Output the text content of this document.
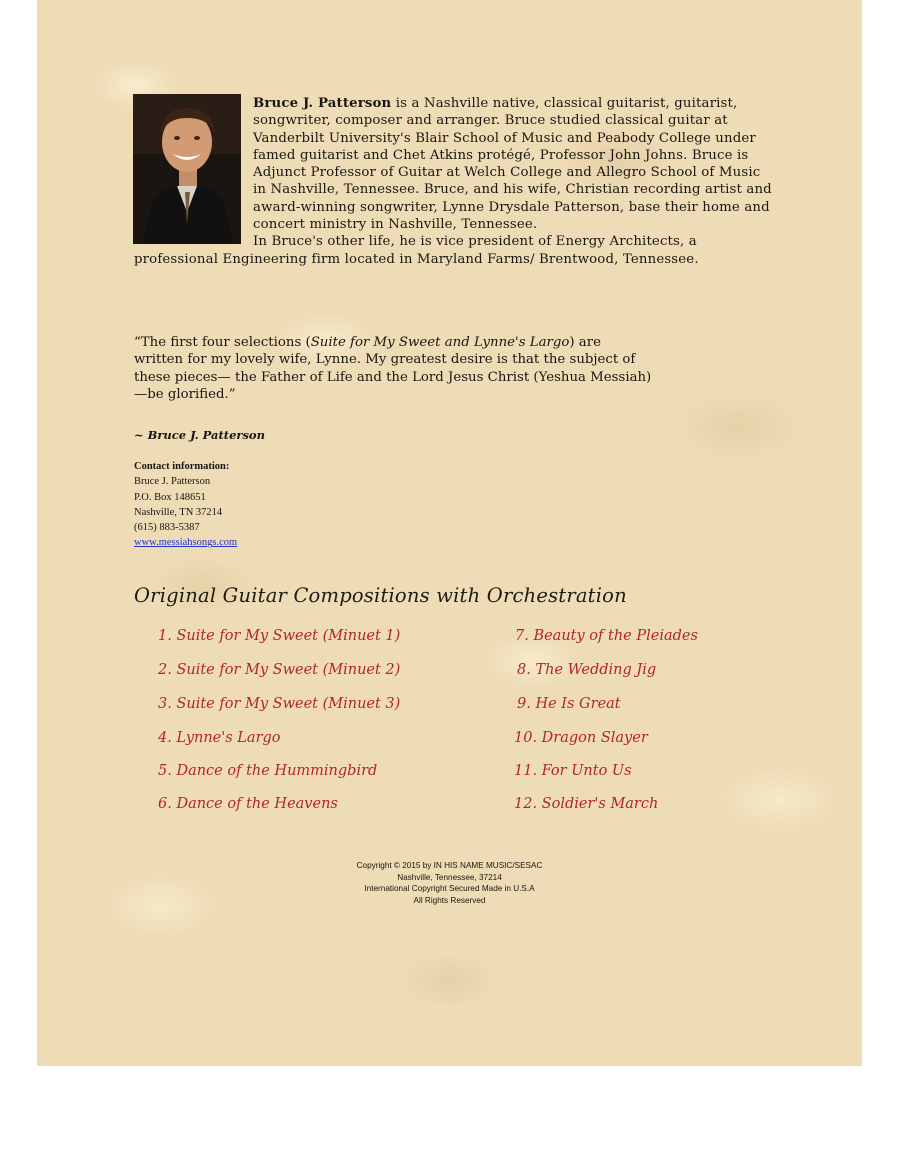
Bruce J. Patterson is a Nashville native, classical guitarist, guitarist, songwriter, composer and arranger. Bruce studied classical guitar at Vanderbilt University's Blair School of Music and Peabody College under famed guitarist and Chet Atkins protégé, Professor John Johns. Bruce is Adjunct Professor of Guitar at Welch College and Allegro School of Music in Nashville, Tennessee. Bruce, and his wife, Christian recording artist and award-winning songwriter, Lynne Drysdale Patterson, base their home and concert ministry in Nashville, Tennessee.
In Bruce's other life, he is vice president of Energy Architects, a professional Engineering firm located in Maryland Farms/ Brentwood, Tennessee.
“The first four selections (Suite for My Sweet and Lynne's Largo) are written for my lovely wife, Lynne. My greatest desire is that the subject of these pieces— the Father of Life and the Lord Jesus Christ (Yeshua Messiah)—be glorified.”
~ Bruce J. Patterson
Contact information:
Bruce J. Patterson
P.O. Box 148651
Nashville, TN 37214
(615) 883-5387
www.messiahsongs.com
Original Guitar Compositions with Orchestration
1. Suite for My Sweet (Minuet 1)
2. Suite for My Sweet (Minuet 2)
3. Suite for My Sweet (Minuet 3)
4. Lynne's Largo
5. Dance of the Hummingbird
6. Dance of the Heavens
7. Beauty of the Pleiades
8. The Wedding Jig
9. He Is Great
10. Dragon Slayer
11. For Unto Us
12. Soldier's March
Copyright © 2015 by IN HIS NAME MUSIC/SESAC
Nashville, Tennessee, 37214
International Copyright Secured Made in U.S.A
All Rights Reserved
